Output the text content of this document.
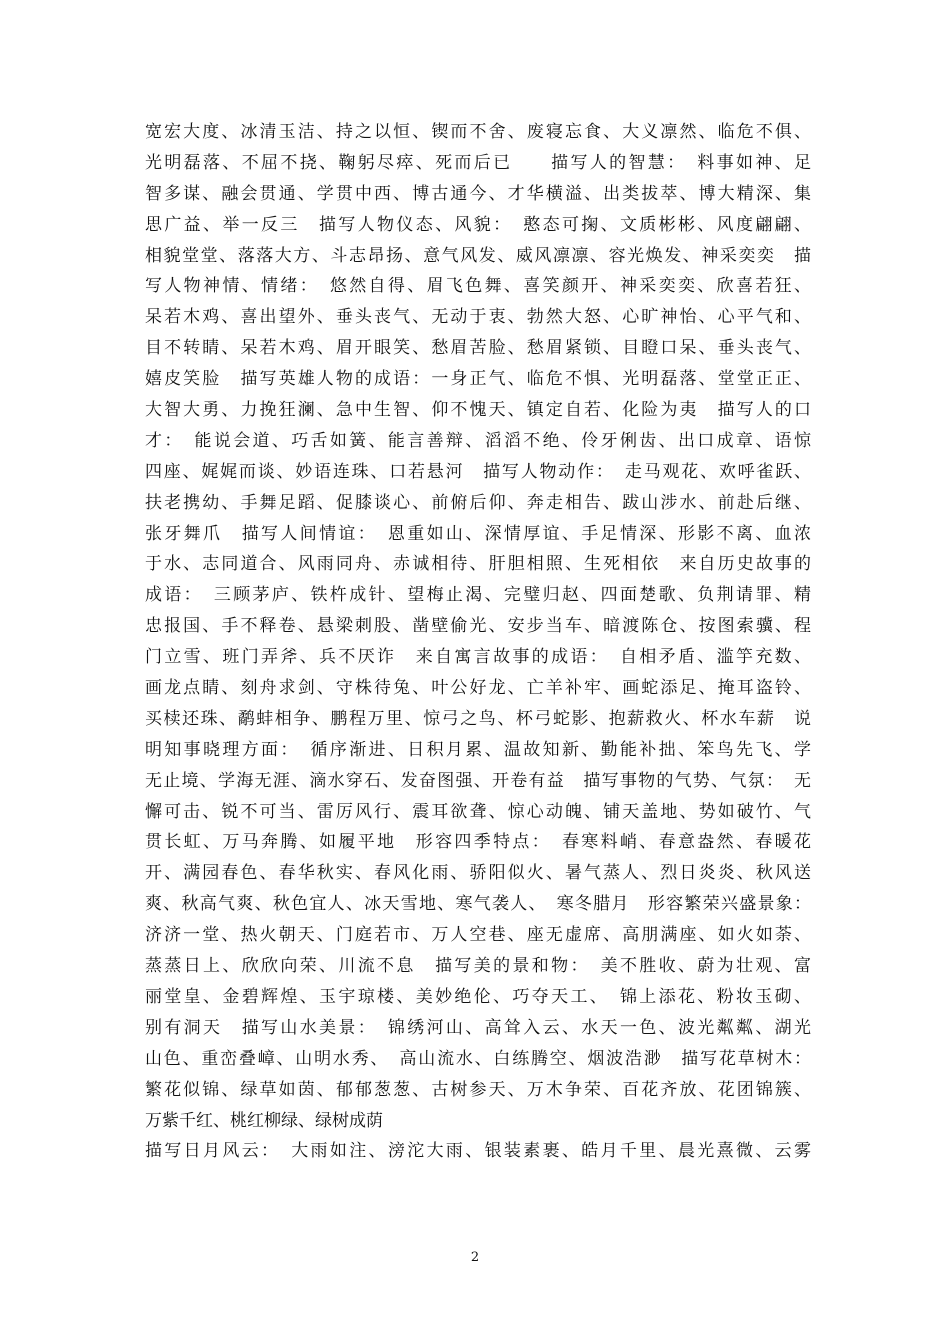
宽宏大度、冰清玉洁、持之以恒、锲而不舍、废寝忘食、大义凛然、临危不俱、
光明磊落、不屈不挠、鞠躬尽瘁、死而后已　　描写人的智慧：　料事如神、足
智多谋、融会贯通、学贯中西、博古通今、才华横溢、出类拔萃、博大精深、集
思广益、举一反三　描写人物仪态、风貌：　憨态可掬、文质彬彬、风度翩翩、
相貌堂堂、落落大方、斗志昂扬、意气风发、威风凛凛、容光焕发、神采奕奕　描
写人物神情、情绪：　悠然自得、眉飞色舞、喜笑颜开、神采奕奕、欣喜若狂、
呆若木鸡、喜出望外、垂头丧气、无动于衷、勃然大怒、心旷神怡、心平气和、
目不转睛、呆若木鸡、眉开眼笑、愁眉苦脸、愁眉紧锁、目瞪口呆、垂头丧气、
嬉皮笑脸　描写英雄人物的成语：一身正气、临危不惧、光明磊落、堂堂正正、
大智大勇、力挽狂澜、急中生智、仰不愧天、镇定自若、化险为夷　描写人的口
才：　能说会道、巧舌如簧、能言善辩、滔滔不绝、伶牙俐齿、出口成章、语惊
四座、娓娓而谈、妙语连珠、口若悬河　描写人物动作：　走马观花、欢呼雀跃、
扶老携幼、手舞足蹈、促膝谈心、前俯后仰、奔走相告、跋山涉水、前赴后继、
张牙舞爪　描写人间情谊：　恩重如山、深情厚谊、手足情深、形影不离、血浓
于水、志同道合、风雨同舟、赤诚相待、肝胆相照、生死相依　来自历史故事的
成语：　三顾茅庐、铁杵成针、望梅止渴、完璧归赵、四面楚歌、负荆请罪、精
忠报国、手不释卷、悬梁刺股、凿壁偷光、安步当车、暗渡陈仓、按图索骥、程
门立雪、班门弄斧、兵不厌诈　来自寓言故事的成语：　自相矛盾、滥竽充数、
画龙点睛、刻舟求剑、守株待兔、叶公好龙、亡羊补牢、画蛇添足、掩耳盗铃、
买椟还珠、鹬蚌相争、鹏程万里、惊弓之鸟、杯弓蛇影、抱薪救火、杯水车薪　说
明知事晓理方面：　循序渐进、日积月累、温故知新、勤能补拙、笨鸟先飞、学
无止境、学海无涯、滴水穿石、发奋图强、开卷有益　描写事物的气势、气氛：　无
懈可击、锐不可当、雷厉风行、震耳欲聋、惊心动魄、铺天盖地、势如破竹、气
贯长虹、万马奔腾、如履平地　形容四季特点：　春寒料峭、春意盎然、春暖花
开、满园春色、春华秋实、春风化雨、骄阳似火、暑气蒸人、烈日炎炎、秋风送
爽、秋高气爽、秋色宜人、冰天雪地、寒气袭人、　寒冬腊月　形容繁荣兴盛景象：
济济一堂、热火朝天、门庭若市、万人空巷、座无虚席、高朋满座、如火如荼、
蒸蒸日上、欣欣向荣、川流不息　描写美的景和物：　美不胜收、蔚为壮观、富
丽堂皇、金碧辉煌、玉宇琼楼、美妙绝伦、巧夺天工、　锦上添花、粉妆玉砌、
别有洞天　描写山水美景：　锦绣河山、高耸入云、水天一色、波光粼粼、湖光
山色、重峦叠嶂、山明水秀、　高山流水、白练腾空、烟波浩渺　描写花草树木：
繁花似锦、绿草如茵、郁郁葱葱、古树参天、万木争荣、百花齐放、花团锦簇、
万紫千红、桃红柳绿、绿树成荫
描写日月风云：　大雨如注、滂沱大雨、银装素裹、皓月千里、晨光熹微、云雾
2
